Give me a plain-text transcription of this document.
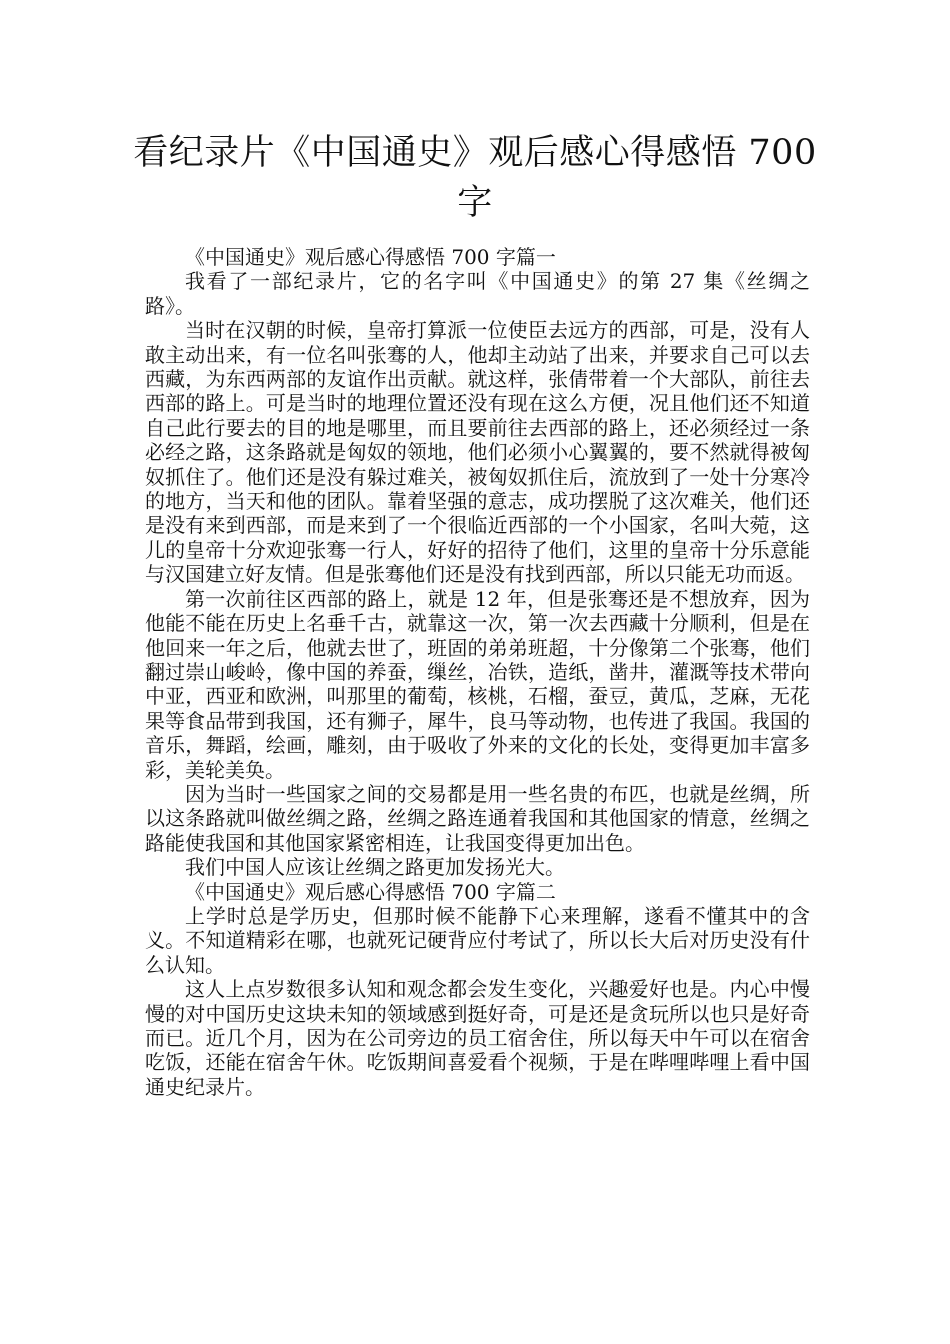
看纪录片《中国通史》观后感心得感悟 700 字

《中国通史》观后感心得感悟 700 字篇一

我看了一部纪录片，它的名字叫《中国通史》的第 27 集《丝绸之路》。

当时在汉朝的时候，皇帝打算派一位使臣去远方的西部，可是，没有人敢主动出来，有一位名叫张骞的人，他却主动站了出来，并要求自己可以去西藏，为东西两部的友谊作出贡献。就这样，张倩带着一个大部队，前往去西部的路上。可是当时的地理位置还没有现在这么方便，况且他们还不知道自己此行要去的目的地是哪里，而且要前往去西部的路上，还必须经过一条必经之路，这条路就是匈奴的领地，他们必须小心翼翼的，要不然就得被匈奴抓住了。他们还是没有躲过难关，被匈奴抓住后，流放到了一处十分寒冷的地方，当天和他的团队。靠着坚强的意志，成功摆脱了这次难关，他们还是没有来到西部，而是来到了一个很临近西部的一个小国家，名叫大菀，这儿的皇帝十分欢迎张骞一行人，好好的招待了他们，这里的皇帝十分乐意能与汉国建立好友情。但是张骞他们还是没有找到西部，所以只能无功而返。

第一次前往区西部的路上，就是 12 年，但是张骞还是不想放弃，因为他能不能在历史上名垂千古，就靠这一次，第一次去西藏十分顺利，但是在他回来一年之后，他就去世了，班固的弟弟班超，十分像第二个张骞，他们翻过崇山峻岭，像中国的养蚕，缫丝，冶铁，造纸，凿井，灌溉等技术带向中亚，西亚和欧洲，叫那里的葡萄，核桃，石榴，蚕豆，黄瓜，芝麻，无花果等食品带到我国，还有狮子，犀牛，良马等动物，也传进了我国。我国的音乐，舞蹈，绘画，雕刻，由于吸收了外来的文化的长处，变得更加丰富多彩，美轮美奂。

因为当时一些国家之间的交易都是用一些名贵的布匹，也就是丝绸，所以这条路就叫做丝绸之路，丝绸之路连通着我国和其他国家的情意，丝绸之路能使我国和其他国家紧密相连，让我国变得更加出色。

我们中国人应该让丝绸之路更加发扬光大。

《中国通史》观后感心得感悟 700 字篇二

上学时总是学历史，但那时候不能静下心来理解，遂看不懂其中的含义。不知道精彩在哪，也就死记硬背应付考试了，所以长大后对历史没有什么认知。

这人上点岁数很多认知和观念都会发生变化，兴趣爱好也是。内心中慢慢的对中国历史这块未知的领域感到挺好奇，可是还是贪玩所以也只是好奇而已。近几个月，因为在公司旁边的员工宿舍住，所以每天中午可以在宿舍吃饭，还能在宿舍午休。吃饭期间喜爱看个视频，于是在哔哩哔哩上看中国通史纪录片。
